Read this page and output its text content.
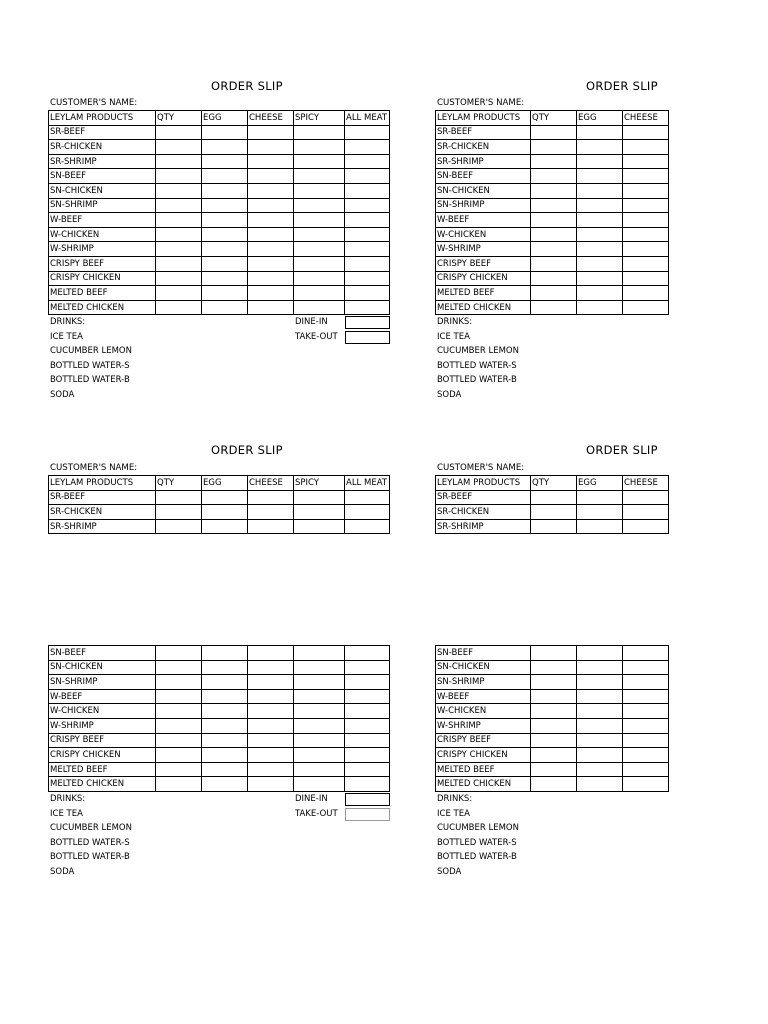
ORDER SLIP
CUSTOMER'S NAME:
LEYLAM PRODUCTS	QTY	EGG	CHEESE	SPICY	ALL MEAT
SR-BEEF					
SR-CHICKEN					
SR-SHRIMP					
SN-BEEF					
SN-CHICKEN					
SN-SHRIMP					
W-BEEF					
W-CHICKEN					
W-SHRIMP					
CRISPY BEEF					
CRISPY CHICKEN					
MELTED BEEF					
MELTED CHICKEN					
DRINKS:
ICE TEA
CUCUMBER LEMON
BOTTLED WATER-S
BOTTLED WATER-B
SODA
DINE-IN
TAKE-OUT
ORDER SLIP
CUSTOMER'S NAME:
LEYLAM PRODUCTS	QTY	EGG	CHEESE
SR-BEEF			
SR-CHICKEN			
SR-SHRIMP			
SN-BEEF			
SN-CHICKEN			
SN-SHRIMP			
W-BEEF			
W-CHICKEN			
W-SHRIMP			
CRISPY BEEF			
CRISPY CHICKEN			
MELTED BEEF			
MELTED CHICKEN			
DRINKS:
ICE TEA
CUCUMBER LEMON
BOTTLED WATER-S
BOTTLED WATER-B
SODA
ORDER SLIP
CUSTOMER'S NAME:
LEYLAM PRODUCTS	QTY	EGG	CHEESE	SPICY	ALL MEAT
SR-BEEF					
SR-CHICKEN					
SR-SHRIMP					
SN-BEEF					
SN-CHICKEN					
SN-SHRIMP					
W-BEEF					
W-CHICKEN					
W-SHRIMP					
CRISPY BEEF					
CRISPY CHICKEN					
MELTED BEEF					
MELTED CHICKEN					
DRINKS:
ICE TEA
CUCUMBER LEMON
BOTTLED WATER-S
BOTTLED WATER-B
SODA
DINE-IN
TAKE-OUT
ORDER SLIP
CUSTOMER'S NAME:
LEYLAM PRODUCTS	QTY	EGG	CHEESE
SR-BEEF			
SR-CHICKEN			
SR-SHRIMP			
SN-BEEF			
SN-CHICKEN			
SN-SHRIMP			
W-BEEF			
W-CHICKEN			
W-SHRIMP			
CRISPY BEEF			
CRISPY CHICKEN			
MELTED BEEF			
MELTED CHICKEN			
DRINKS:
ICE TEA
CUCUMBER LEMON
BOTTLED WATER-S
BOTTLED WATER-B
SODA
